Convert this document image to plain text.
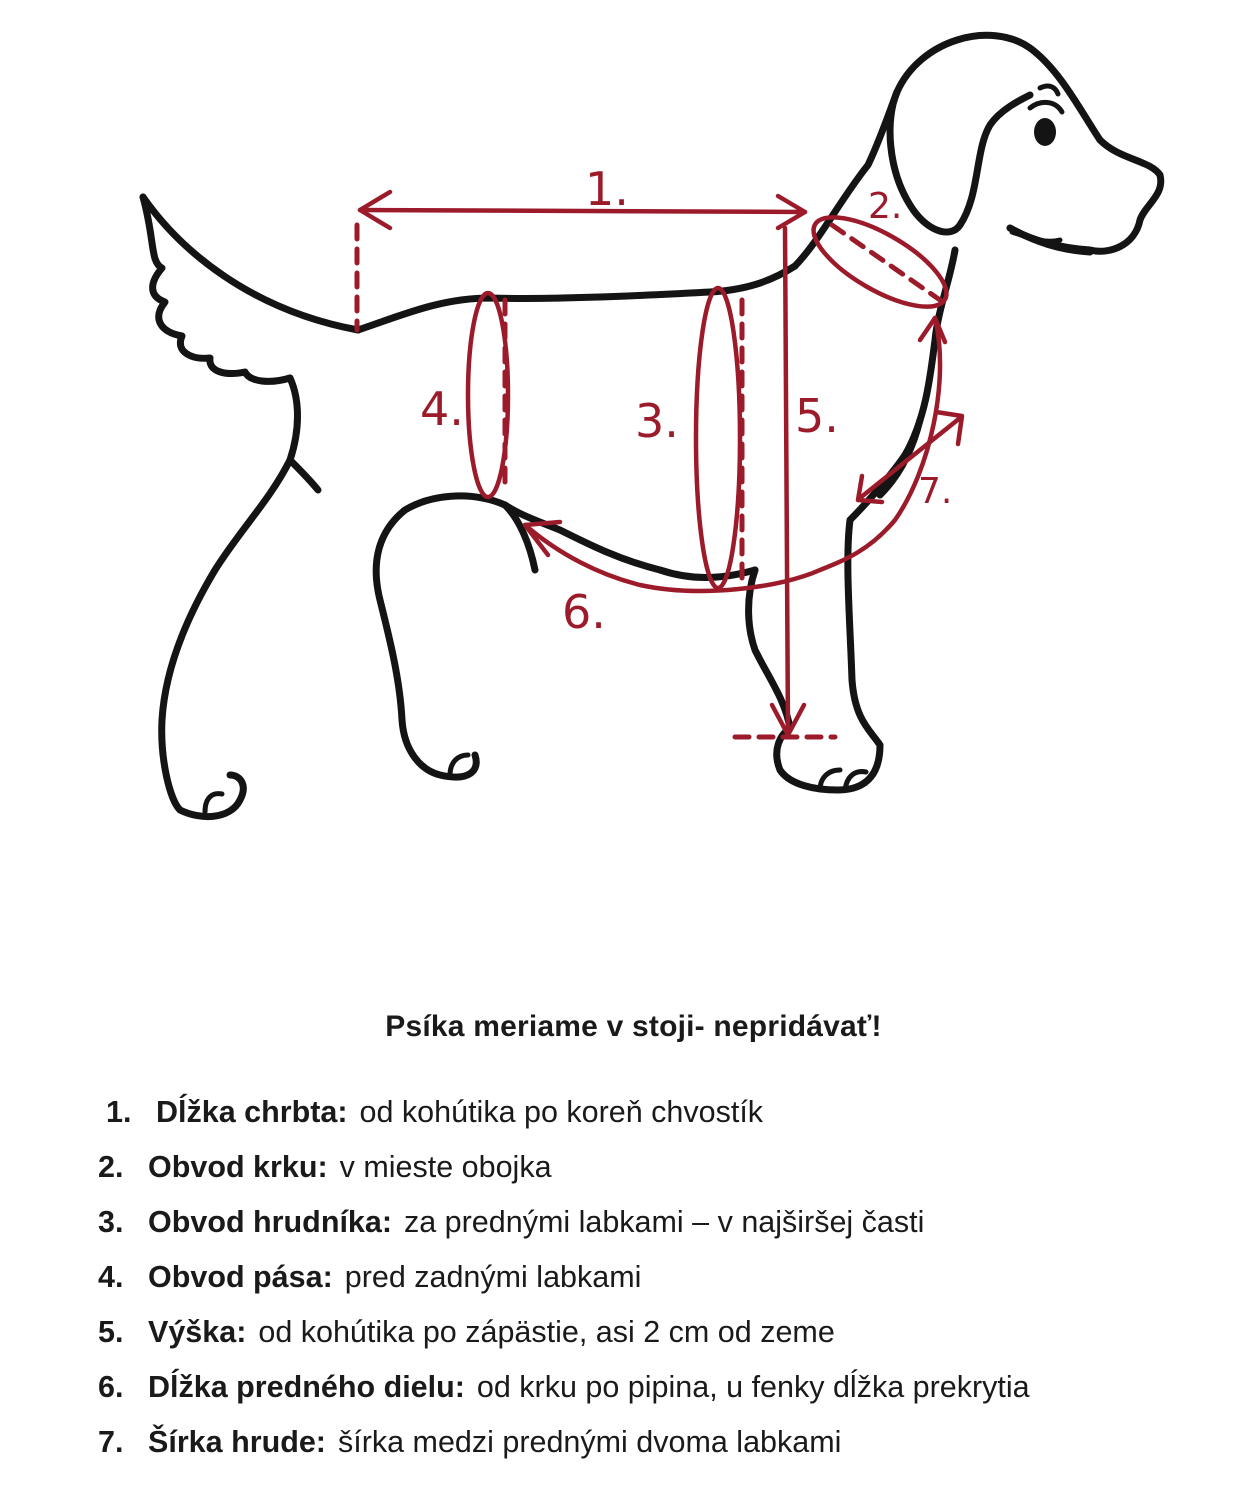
1.	2.
4.	3.	5.
6.
7.
Psíka meriame v stoji- nepridávať!
1. Dĺžka chrbta: od kohútika po koreň chvostík
2. Obvod krku: v mieste obojka
3. Obvod hrudníka: za prednými labkami – v najširšej časti
4. Obvod pása: pred zadnými labkami
5. Výška: od kohútika po zápästie, asi 2 cm od zeme
6. Dĺžka predného dielu: od krku po pipina, u fenky dĺžka prekrytia
7. Šírka hrude: šírka medzi prednými dvoma labkami
